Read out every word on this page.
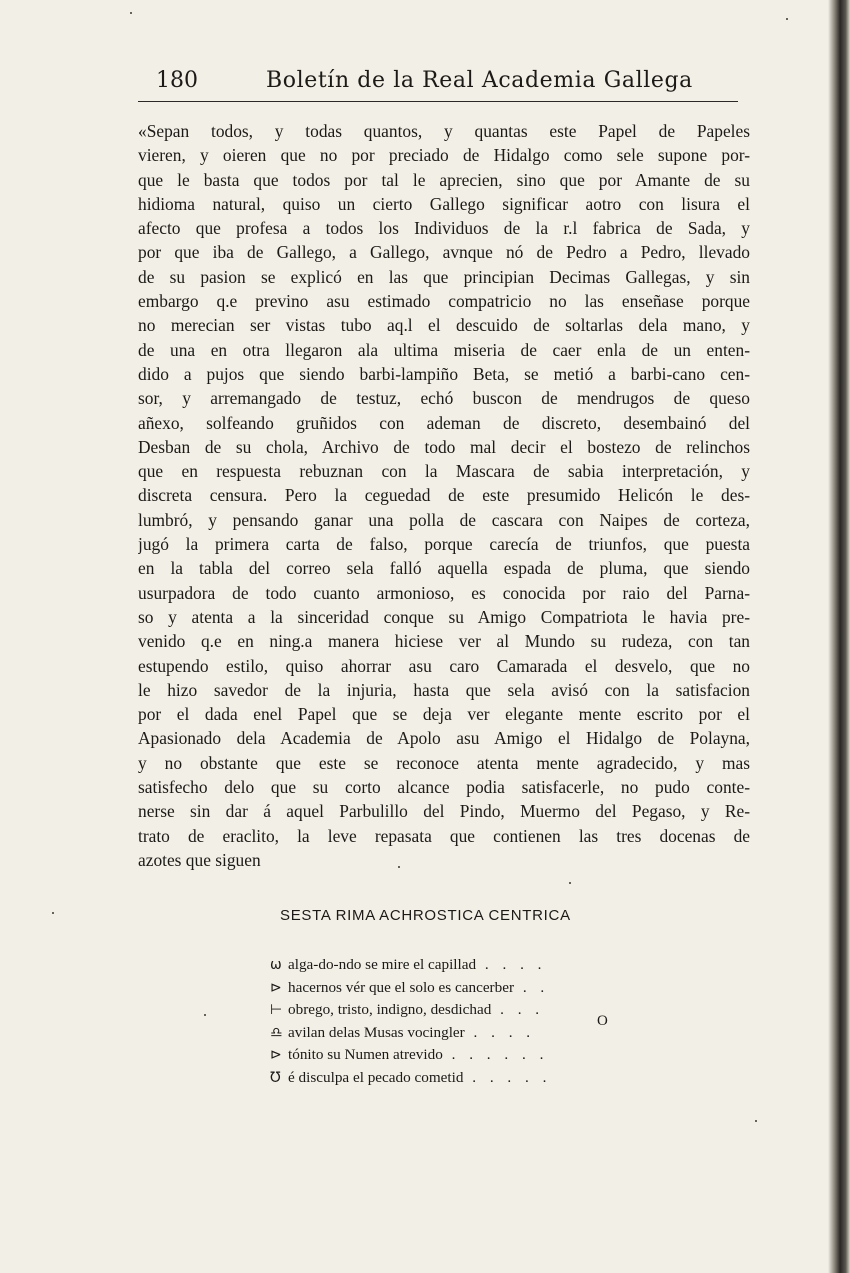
180	Boletín de la Real Academia Gallega
«Sepan todos, y todas quantos, y quantas este Papel de Papeles
vieren, y oieren que no por preciado de Hidalgo como sele supone por-
que le basta que todos por tal le aprecien, sino que por Amante de su
hidioma natural, quiso un cierto Gallego significar aotro con lisura el
afecto que profesa a todos los Individuos de la r.l fabrica de Sada, y
por que iba de Gallego, a Gallego, avnque nó de Pedro a Pedro, llevado
de su pasion se explicó en las que principian Decimas Gallegas, y sin
embargo q.e previno asu estimado compatricio no las enseñase porque
no merecian ser vistas tubo aq.l el descuido de soltarlas dela mano, y
de una en otra llegaron ala ultima miseria de caer enla de un enten-
dido a pujos que siendo barbi-lampiño Beta, se metió a barbi-cano cen-
sor, y arremangado de testuz, echó buscon de mendrugos de queso
añexo, solfeando gruñidos con ademan de discreto, desembainó del
Desban de su chola, Archivo de todo mal decir el bostezo de relinchos
que en respuesta rebuznan con la Mascara de sabia interpretación, y
discreta censura. Pero la ceguedad de este presumido Helicón le des-
lumbró, y pensando ganar una polla de cascara con Naipes de corteza,
jugó la primera carta de falso, porque carecía de triunfos, que puesta
en la tabla del correo sela falló aquella espada de pluma, que siendo
usurpadora de todo cuanto armonioso, es conocida por raio del Parna-
so y atenta a la sinceridad conque su Amigo Compatriota le havia pre-
venido q.e en ning.a manera hiciese ver al Mundo su rudeza, con tan
estupendo estilo, quiso ahorrar asu caro Camarada el desvelo, que no
le hizo savedor de la injuria, hasta que sela avisó con la satisfacion
por el dada enel Papel que se deja ver elegante mente escrito por el
Apasionado dela Academia de Apolo asu Amigo el Hidalgo de Polayna,
y no obstante que este se reconoce atenta mente agradecido, y mas
satisfecho delo que su corto alcance podia satisfacerle, no pudo conte-
nerse sin dar á aquel Parbulillo del Pindo, Muermo del Pegaso, y Re-
trato de eraclito, la leve repasata que contienen las tres docenas de
azotes que siguen
SESTA RIMA ACHROSTICA CENTRICA
ω alga-do-ndo se mire el capillad . . . .
⊳ hacernos vér que el solo es cancerber . .
⊢ obrego, tristo, indigno, desdichad . . .
♎ avilan delas Musas vocingler . . . .
⊳ tónito su Numen atrevido . . . . . .
Ʊ é disculpa el pecado cometid . . . . .
O
